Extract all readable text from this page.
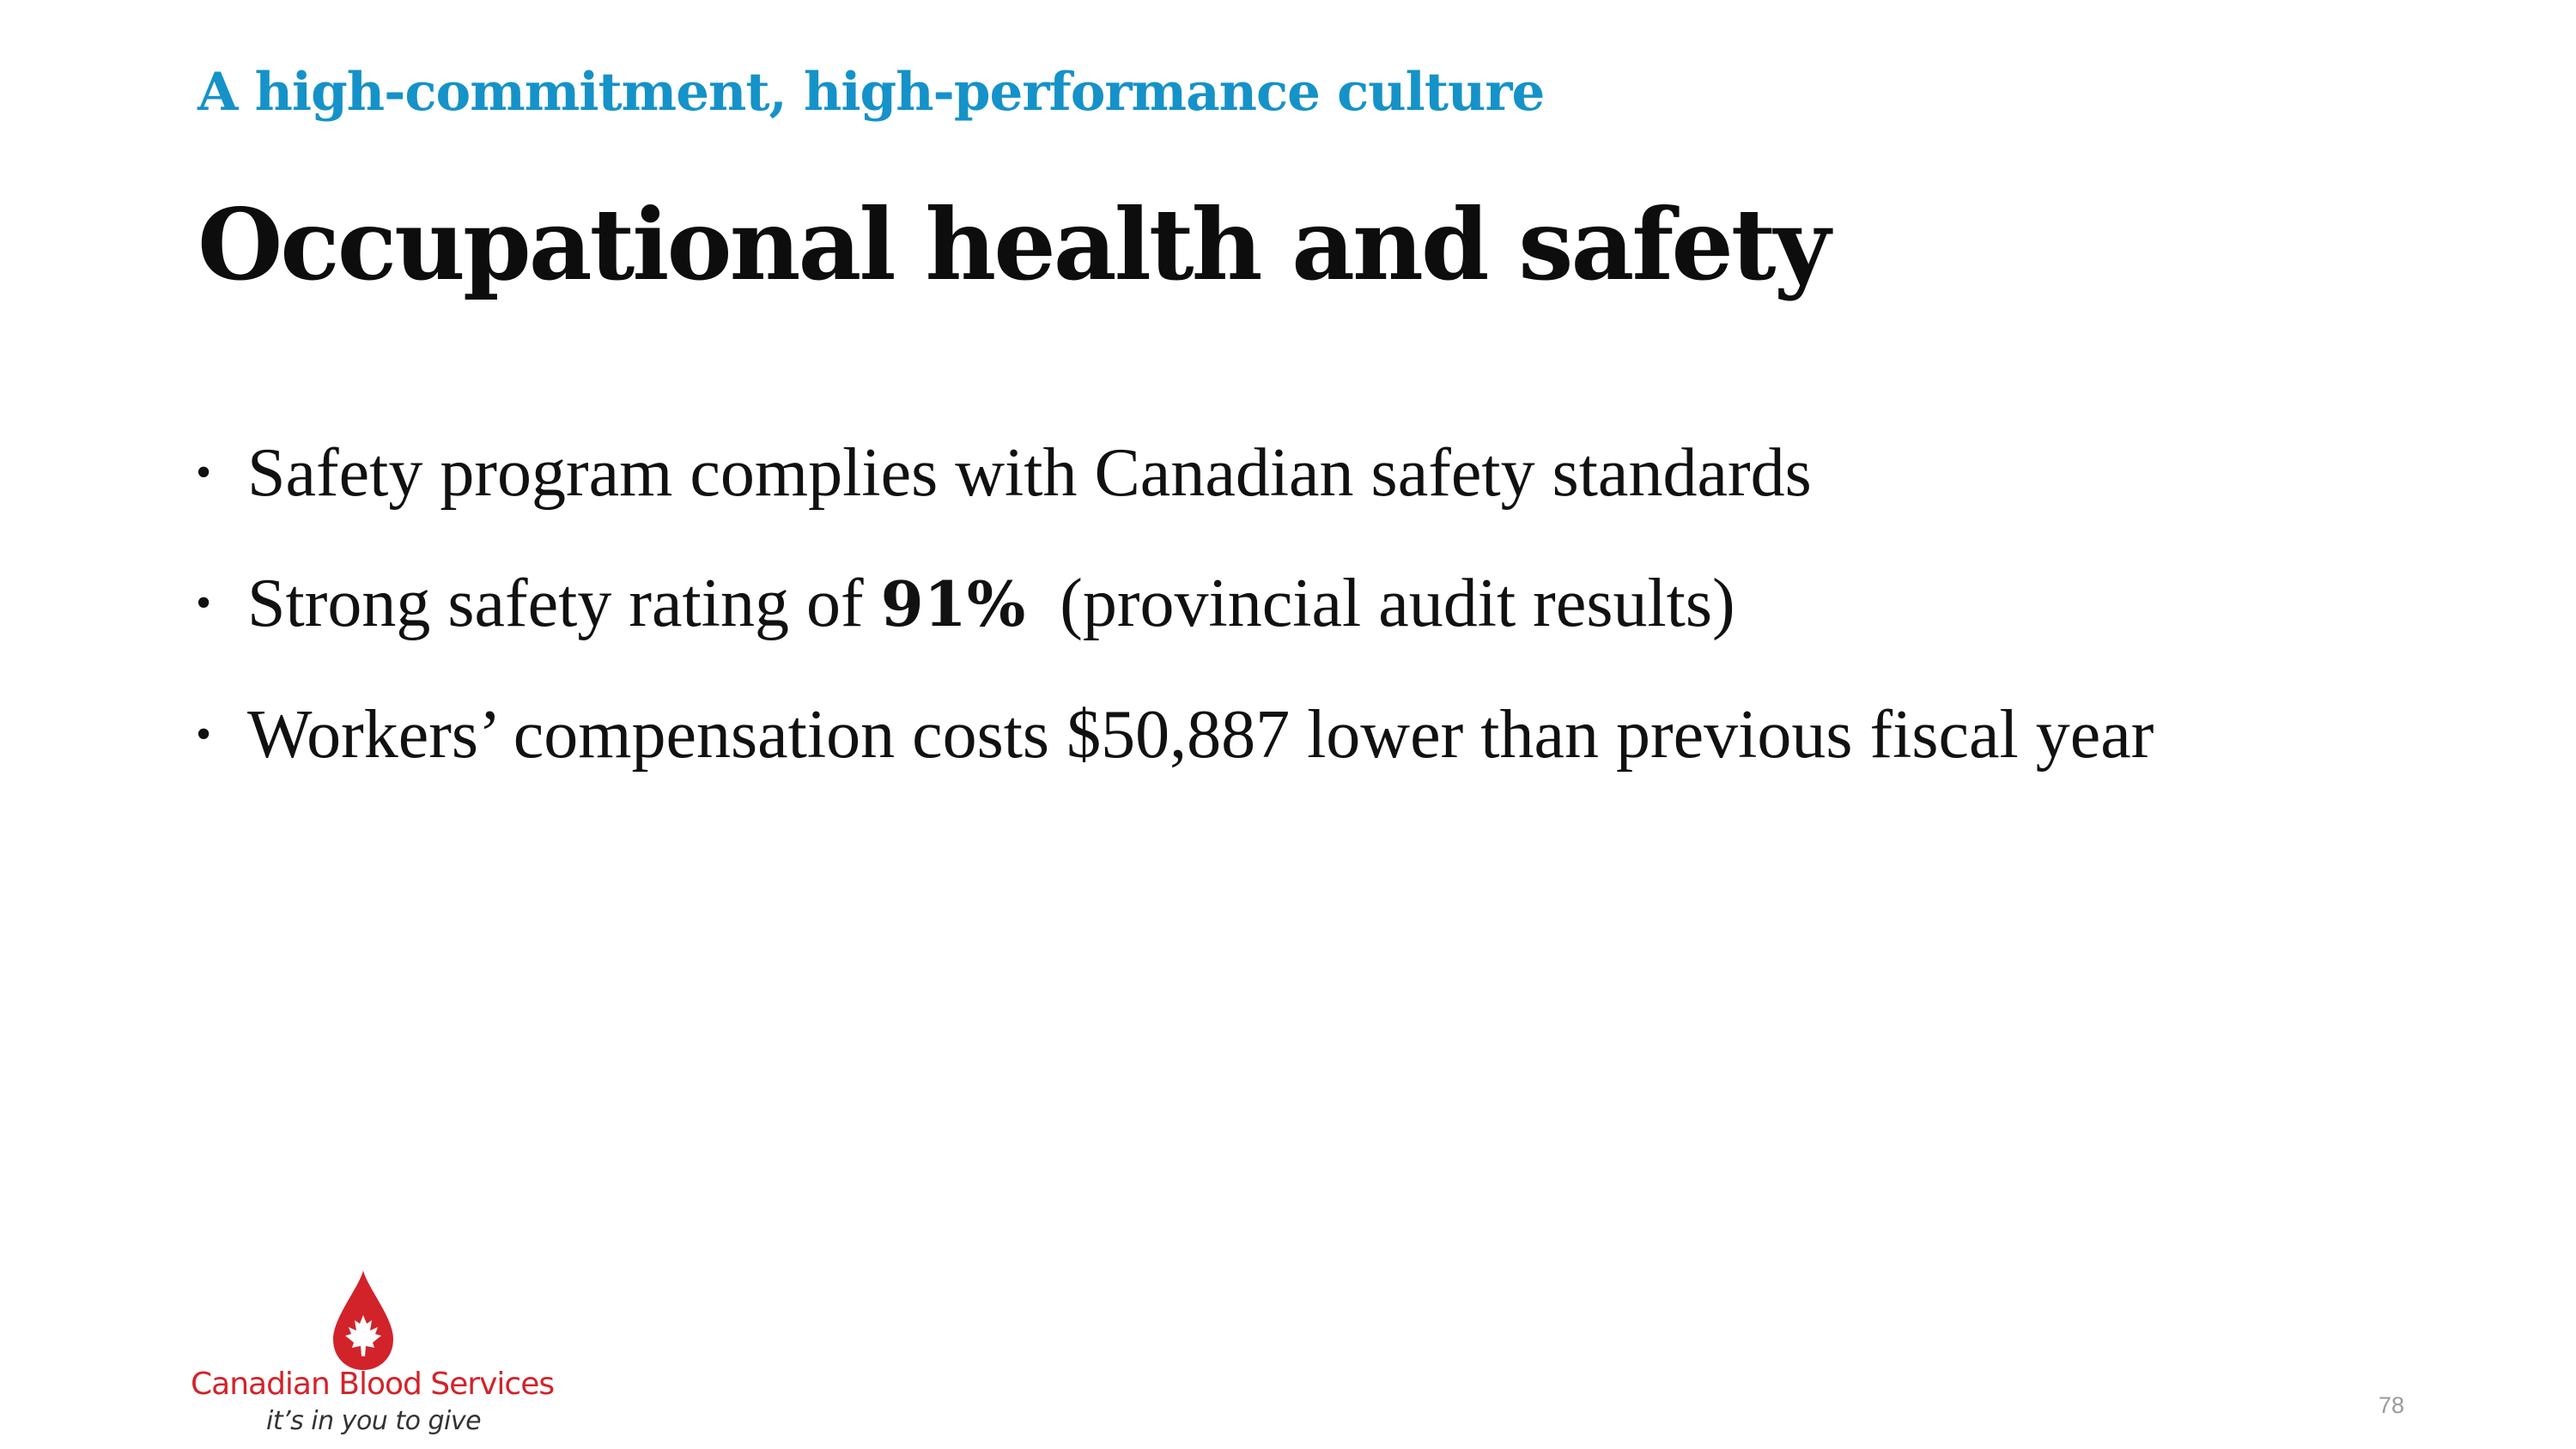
A high-commitment, high-performance culture
Occupational health and safety
• Safety program complies with Canadian safety standards
• Strong safety rating of 91%  (provincial audit results)
• Workers’ compensation costs $50,887 lower than previous fiscal year
Canadian Blood Services
it’s in you to give
78
